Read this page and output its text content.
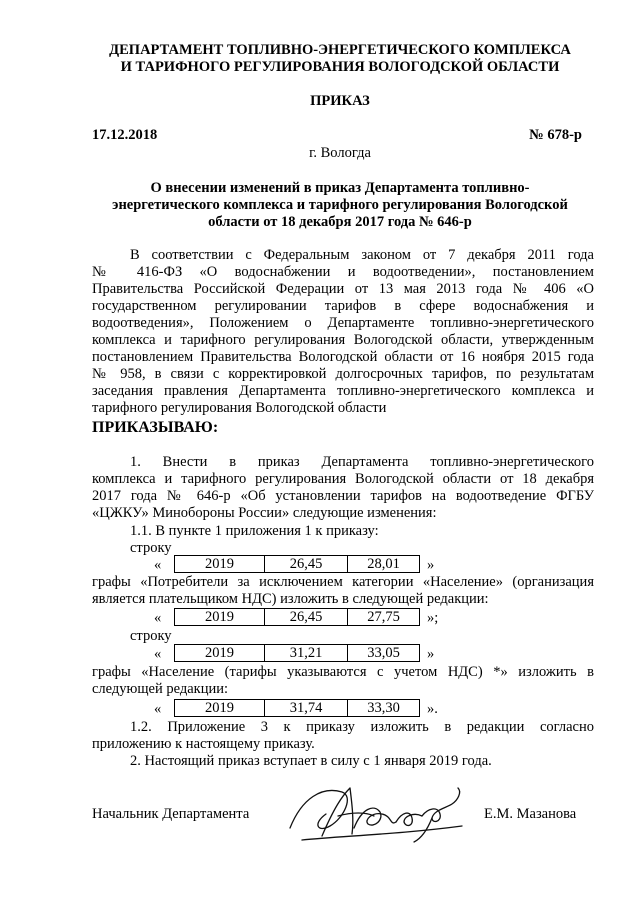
ДЕПАРТАМЕНТ ТОПЛИВНО-ЭНЕРГЕТИЧЕСКОГО КОМПЛЕКСА
И ТАРИФНОГО РЕГУЛИРОВАНИЯ ВОЛОГОДСКОЙ ОБЛАСТИ
ПРИКАЗ
17.12.2018	№ 678-р
г. Вологда
О внесении изменений в приказ Департамента топливно-
энергетического комплекса и тарифного регулирования Вологодской
области от 18 декабря 2017 года № 646-р
В соответствии с Федеральным законом от 7 декабря 2011 года
№ 416-ФЗ «О водоснабжении и водоотведении», постановлением
Правительства Российской Федерации от 13 мая 2013 года № 406 «О
государственном регулировании тарифов в сфере водоснабжения и
водоотведения», Положением о Департаменте топливно-энергетического
комплекса и тарифного регулирования Вологодской области, утвержденным
постановлением Правительства Вологодской области от 16 ноября 2015 года
№ 958, в связи с корректировкой долгосрочных тарифов, по результатам
заседания правления Департамента топливно-энергетического комплекса и
тарифного регулирования Вологодской области
ПРИКАЗЫВАЮ:
1. Внести в приказ Департамента топливно-энергетического
комплекса и тарифного регулирования Вологодской области от 18 декабря
2017 года № 646-р «Об установлении тарифов на водоотведение ФГБУ
«ЦЖКУ» Минобороны России» следующие изменения:
1.1. В пункте 1 приложения 1 к приказу:
строку
«	2019	26,45	28,01 »
графы «Потребители за исключением категории «Население» (организация
является плательщиком НДС) изложить в следующей редакции:
«	2019	26,45	27,75 »;
строку
«	2019	31,21	33,05 »
графы «Население (тарифы указываются с учетом НДС) *» изложить в
следующей редакции:
«	2019	31,74	33,30 ».
1.2. Приложение 3 к приказу изложить в редакции согласно
приложению к настоящему приказу.
2. Настоящий приказ вступает в силу с 1 января 2019 года.
Начальник Департамента	Е.М. Мазанова
